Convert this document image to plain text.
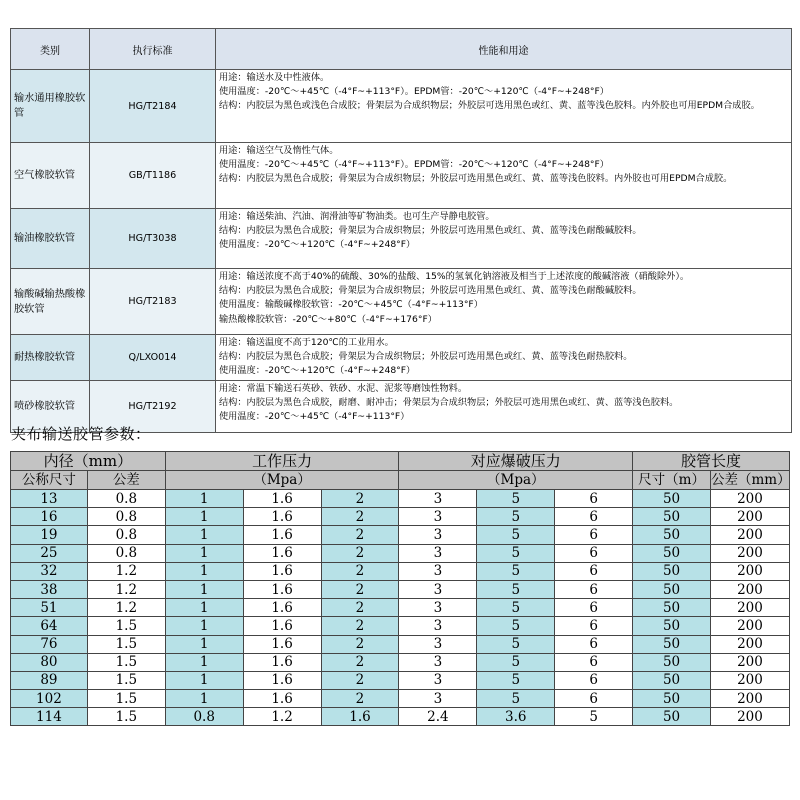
类别	执行标准	性能和用途
输水通用橡胶软管	HG/T2184	用途：输送水及中性液体。
使用温度：-20℃～+45℃（-4°F~+113°F）。EPDM管：-20℃～+120℃（-4°F~+248°F）
结构：内胶层为黑色或浅色合成胶；骨架层为合成织物层；外胶层可选用黑色或红、黄、蓝等浅色胶料。内外胶也可用EPDM合成胶。

空气橡胶软管	GB/T1186	用途：输送空气及惰性气体。
使用温度：-20℃～+45℃（-4°F~+113°F）。EPDM管：-20℃～+120℃（-4°F~+248°F）
结构：内胶层为黑色合成胶；骨架层为合成织物层；外胶层可选用黑色或红、黄、蓝等浅色胶料。内外胶也可用EPDM合成胶。

输油橡胶软管	HG/T3038	用途：输送柴油、汽油、润滑油等矿物油类。也可生产导静电胶管。
结构：内胶层为黑色合成胶；骨架层为合成织物层；外胶层可选用黑色或红、黄、蓝等浅色耐酸碱胶料。
使用温度：-20℃～+120℃（-4°F~+248°F）

输酸碱输热酸橡胶软管	HG/T2183	用途：输送浓度不高于40%的硫酸、30%的盐酸、15%的氢氧化钠溶液及相当于上述浓度的酸碱溶液（硝酸除外）。
结构：内胶层为黑色合成胶；骨架层为合成织物层；外胶层可选用黑色或红、黄、蓝等浅色耐酸碱胶料。
使用温度：输酸碱橡胶软管：-20℃～+45℃（-4°F~+113°F）
输热酸橡胶软管：-20℃～+80℃（-4°F~+176°F）

耐热橡胶软管	Q/LXO014	用途：输送温度不高于120℃的工业用水。
结构：内胶层为黑色合成胶；骨架层为合成织物层；外胶层可选用黑色或红、黄、蓝等浅色耐热胶料。
使用温度：-20℃～+120℃（-4°F~+248°F）

喷砂橡胶软管	HG/T2192	用途：常温下输送石英砂、铁砂、水泥、泥浆等磨蚀性物料。
结构：内胶层为黑色合成胶，耐磨、耐冲击；骨架层为合成织物层；外胶层可选用黑色或红、黄、蓝等浅色胶料。
使用温度：-20℃～+45℃（-4°F~+113°F）
夹布输送胶管参数：
内径（mm）		工作压力			对应爆破压力			胶管长度	
公称尺寸	公差	（Mpa）			（Mpa）			尺寸（m）	公差（mm）
13	0.8	1	1.6	2	3	5	6	50	200
16	0.8	1	1.6	2	3	5	6	50	200
19	0.8	1	1.6	2	3	5	6	50	200
25	0.8	1	1.6	2	3	5	6	50	200
32	1.2	1	1.6	2	3	5	6	50	200
38	1.2	1	1.6	2	3	5	6	50	200
51	1.2	1	1.6	2	3	5	6	50	200
64	1.5	1	1.6	2	3	5	6	50	200
76	1.5	1	1.6	2	3	5	6	50	200
80	1.5	1	1.6	2	3	5	6	50	200
89	1.5	1	1.6	2	3	5	6	50	200
102	1.5	1	1.6	2	3	5	6	50	200
114	1.5	0.8	1.2	1.6	2.4	3.6	5	50	200
